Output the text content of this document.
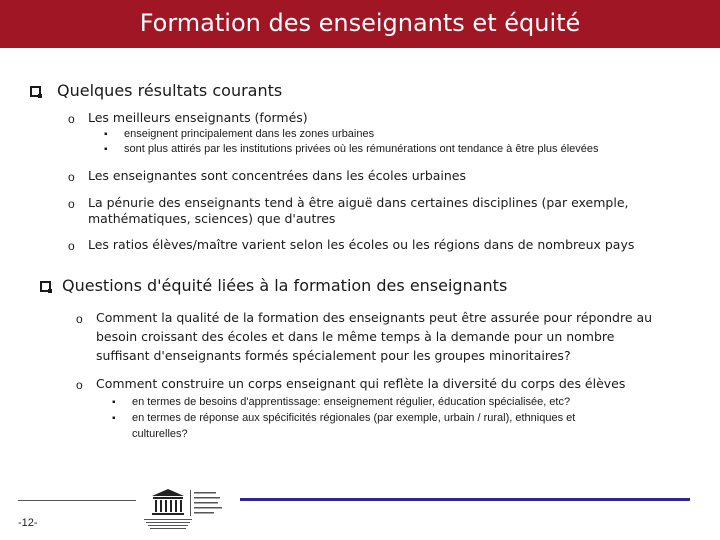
Formation des enseignants et équité
Quelques résultats courants
o Les meilleurs enseignants (formés)
▪ enseignent principalement dans les zones urbaines
▪ sont plus attirés par les institutions privées où les rémunérations ont tendance à être plus élevées
o Les enseignantes sont concentrées dans les écoles urbaines
o La pénurie des enseignants tend à être aiguë dans certaines disciplines (par exemple,
mathématiques, sciences) que d'autres
o Les ratios élèves/maître varient selon les écoles ou les régions dans de nombreux pays
Questions d'équité liées à la formation des enseignants
o Comment la qualité de la formation des enseignants peut être assurée pour répondre au
besoin croissant des écoles et dans le même temps à la demande pour un nombre
suffisant d'enseignants formés spécialement pour les groupes minoritaires?
o Comment construire un corps enseignant qui reflète la diversité du corps des élèves
▪ en termes de besoins d'apprentissage: enseignement régulier, éducation spécialisée, etc?
▪ en termes de réponse aux spécificités régionales (par exemple, urbain / rural), ethniques et
culturelles?
-12-
